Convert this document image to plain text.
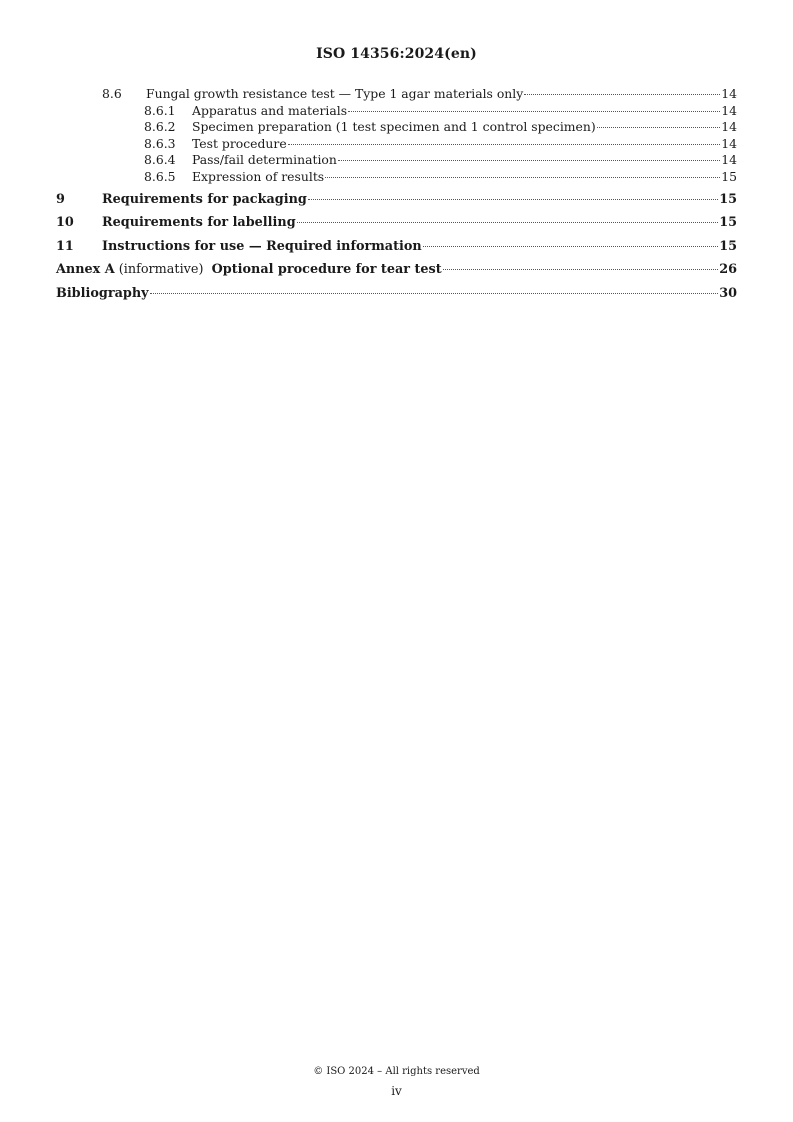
ISO 14356:2024(en)
8.6	Fungal growth resistance test — Type 1 agar materials only	14
8.6.1	Apparatus and materials	14
8.6.2	Specimen preparation (1 test specimen and 1 control specimen)	14
8.6.3	Test procedure	14
8.6.4	Pass/fail determination	14
8.6.5	Expression of results	15
9	Requirements for packaging	15
10	Requirements for labelling	15
11	Instructions for use — Required information	15
Annex A (informative) Optional procedure for tear test	26
Bibliography	30
© ISO 2024 – All rights reserved
iv
